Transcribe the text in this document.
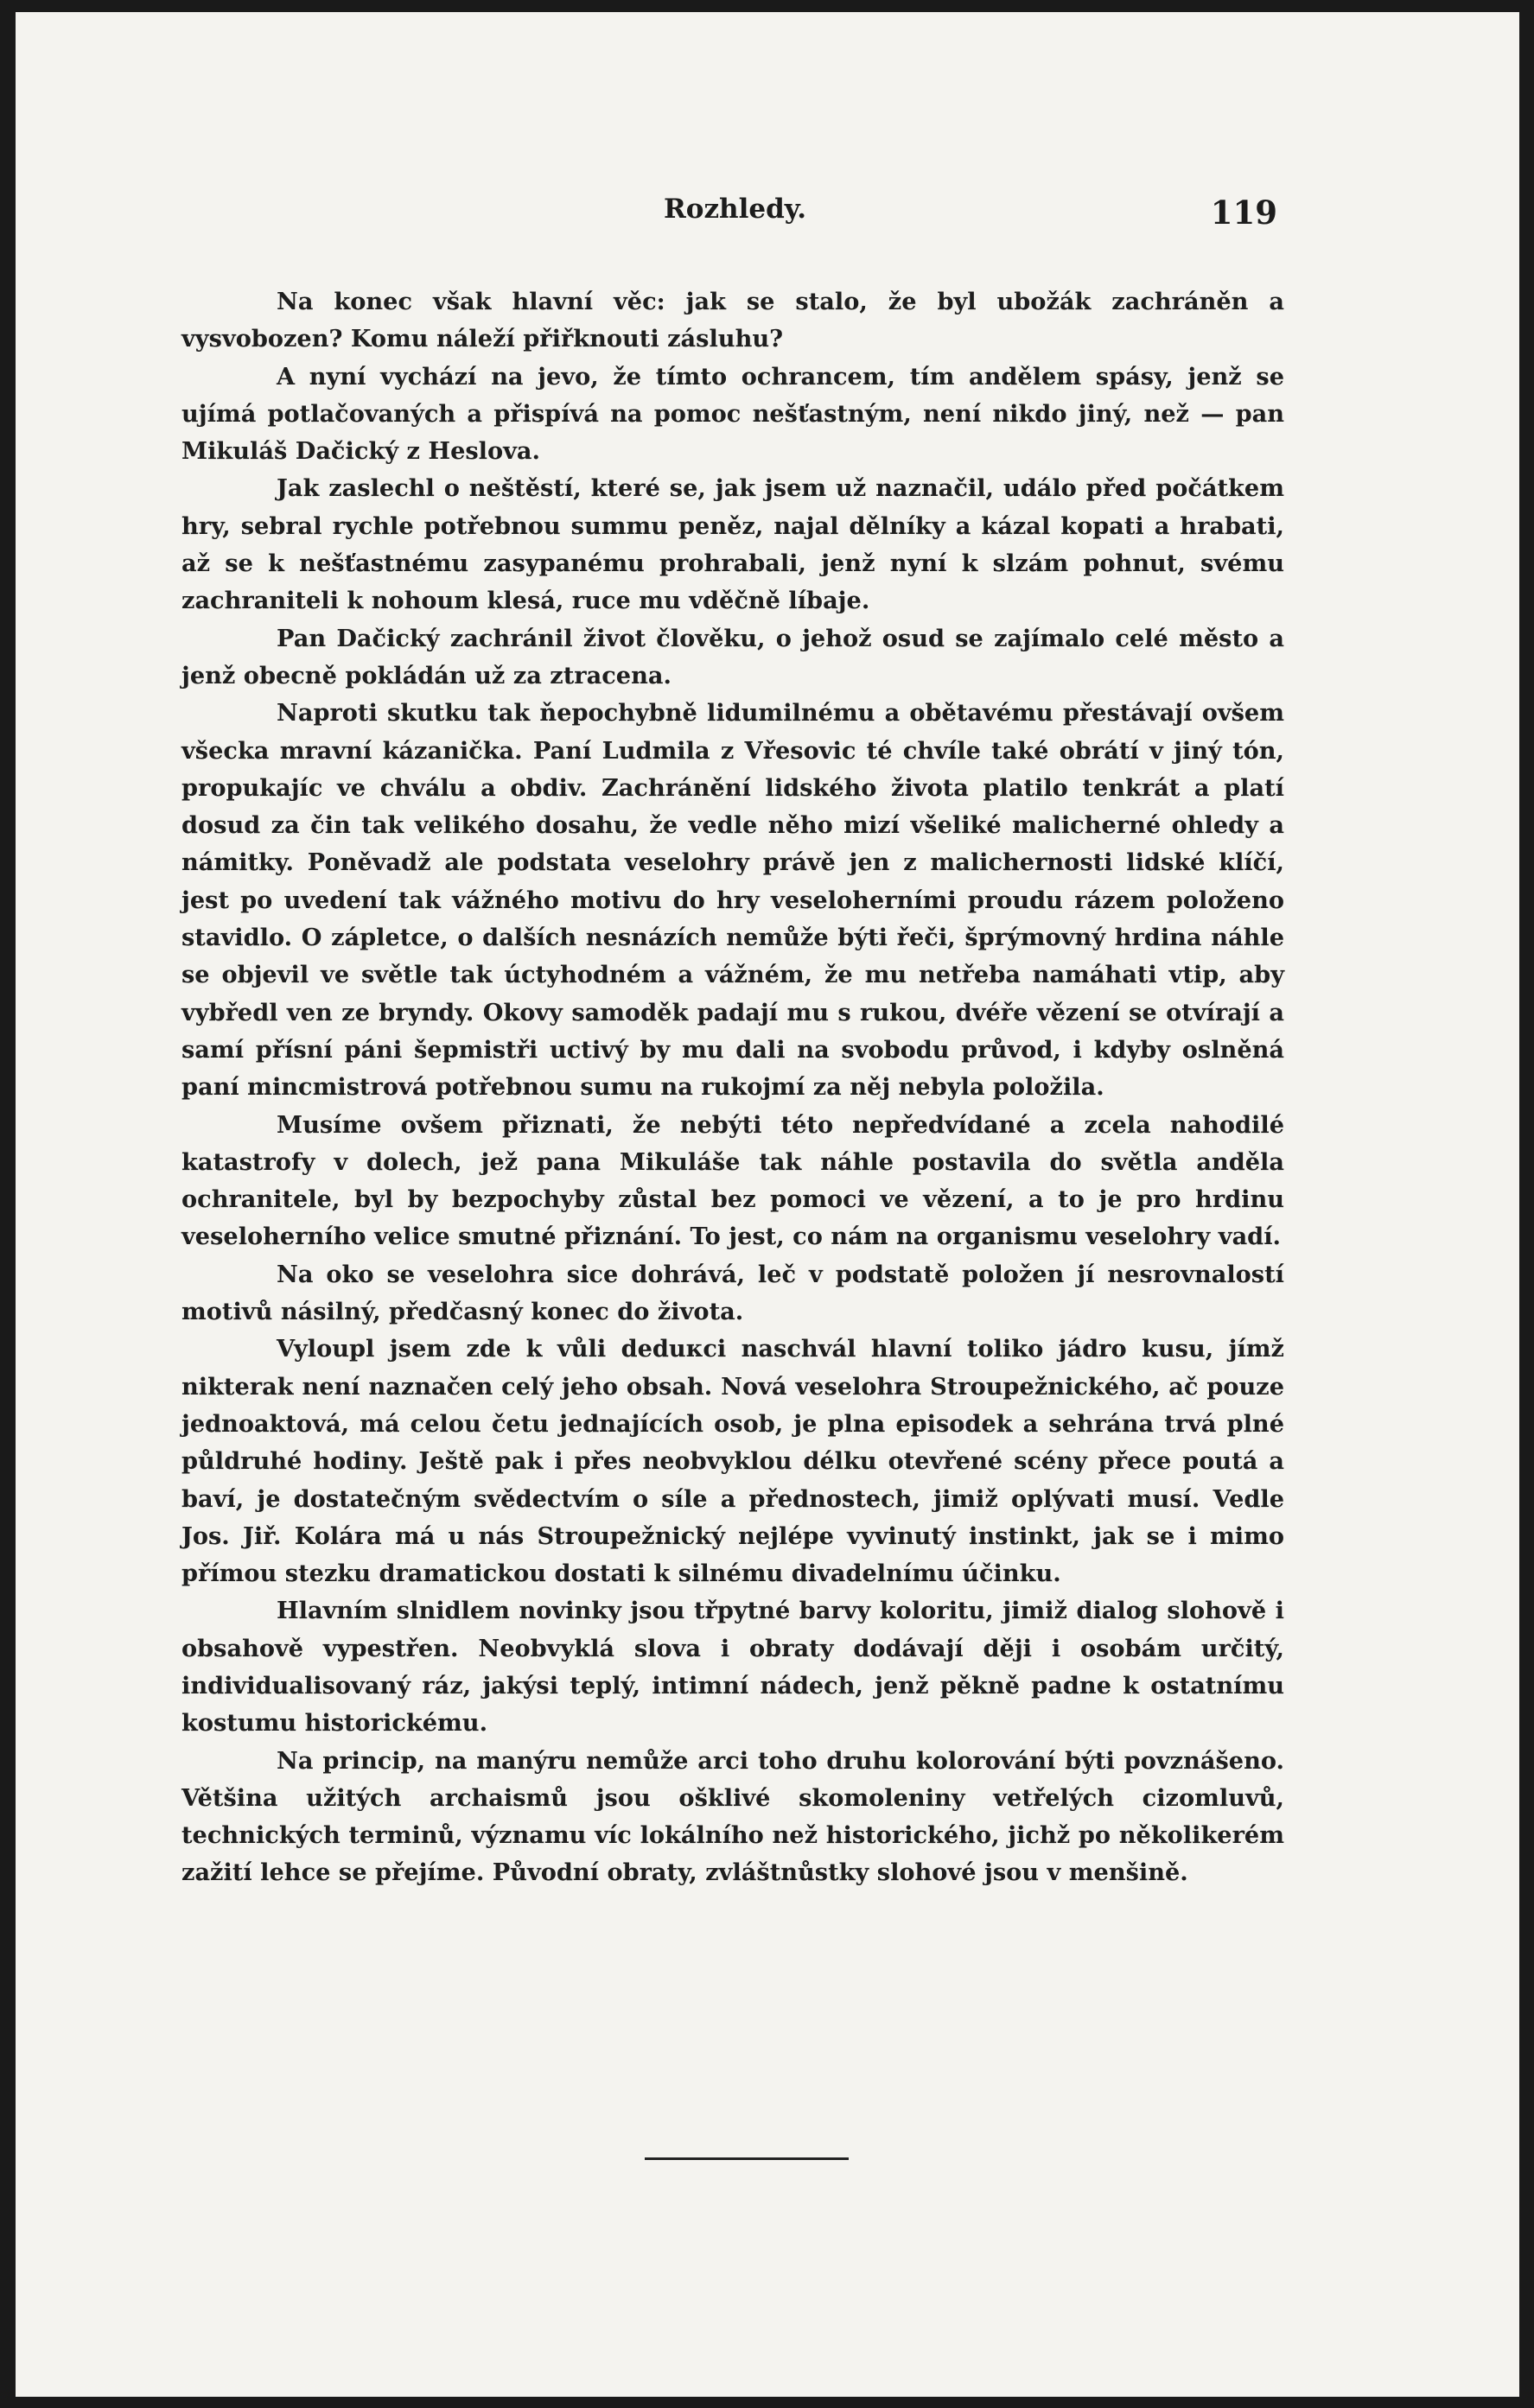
Rozhledy.	119

Na konec však hlavní věc: jak se stalo, že byl ubožák zachráněn a vysvobozen? Komu náleží přiřknouti zásluhu?

A nyní vychází na jevo, že tímto ochrancem, tím andělem spásy, jenž se ujímá potlačovaných a přispívá na pomoc nešťastným, není nikdo jiný, než — pan Mikuláš Dačický z Heslova.

Jak zaslechl o neštěstí, které se, jak jsem už naznačil, událo před počátkem hry, sebral rychle potřebnou summu peněz, najal dělníky a kázal kopati a hrabati, až se k nešťastnému zasypanému prohrabali, jenž nyní k slzám pohnut, svému zachraniteli k nohoum klesá, ruce mu vděčně líbaje.

Pan Dačický zachránil život člověku, o jehož osud se zajímalo celé město a jenž obecně pokládán už za ztracena.

Naproti skutku tak ňepochybně lidumilnému a obětavému přestávají ovšem všecka mravní kázanička. Paní Ludmila z Vřesovic té chvíle také obrátí v jiný tón, propukajíc ve chválu a obdiv. Zachránění lidského života platilo tenkrát a platí dosud za čin tak velikého dosahu, že vedle něho mizí všeliké malicherné ohledy a námitky. Poněvadž ale podstata veselohry právě jen z malichernosti lidské klíčí, jest po uvedení tak vážného motivu do hry veseloherními proudu rázem položeno stavidlo. O zápletce, o dalších nesnázích nemůže býti řeči, šprýmovný hrdina náhle se objevil ve světle tak úctyhodném a vážném, že mu netřeba namáhati vtip, aby vybředl ven ze bryndy. Okovy samoděk padají mu s rukou, dvéře vězení se otvírají a samí přísní páni šepmistři uctivý by mu dali na svobodu průvod, i kdyby oslněná paní mincmistrová potřebnou sumu na rukojmí za něj nebyla položila.

Musíme ovšem přiznati, že nebýti této nepředvídané a zcela nahodilé katastrofy v dolech, jež pana Mikuláše tak náhle postavila do světla anděla ochranitele, byl by bezpochyby zůstal bez pomoci ve vězení, a to je pro hrdinu veseloherního velice smutné přiznání. To jest, co nám na organismu veselohry vadí.

Na oko se veselohra sice dohrává, leč v podstatě položen jí nesrovnalostí motivů násilný, předčasný konec do života.

Vyloupl jsem zde k vůli deduкci naschvál hlavní toliko jádro kusu, jímž nikterak není naznačen celý jeho obsah. Nová veselohra Stroupežnického, ač pouze jednoaktová, má celou četu jednajících osob, je plna episodek a sehrána trvá plné půldruhé hodiny. Ještě pak i přes neobvyklou délku otevřené scény přece poutá a baví, je dostatečným svědectvím o síle a přednostech, jimiž oplývati musí. Vedle Jos. Jiř. Kolára má u nás Stroupežnický nejlépe vyvinutý instinkt, jak se i mimo přímou stezku dramatickou dostati k silnému divadelnímu účinku.

Hlavním slnidlem novinky jsou třpytné barvy koloritu, jimiž dialog slohově i obsahově vypestřen. Neobvyklá slova i obraty dodávají ději i osobám určitý, individualisovaný ráz, jakýsi teplý, intimní nádech, jenž pěkně padne k ostatnímu kostumu historickému.

Na princip, na manýru nemůže arci toho druhu kolorování býti povznášeno. Většina užitých archaismů jsou ošklivé skomoleniny vetřelých cizomluvů, technických terminů, významu víc lokálního než historického, jichž po několikerém zažití lehce se přejíme. Původní obraty, zvláštnůstky slohové jsou v menšině.
